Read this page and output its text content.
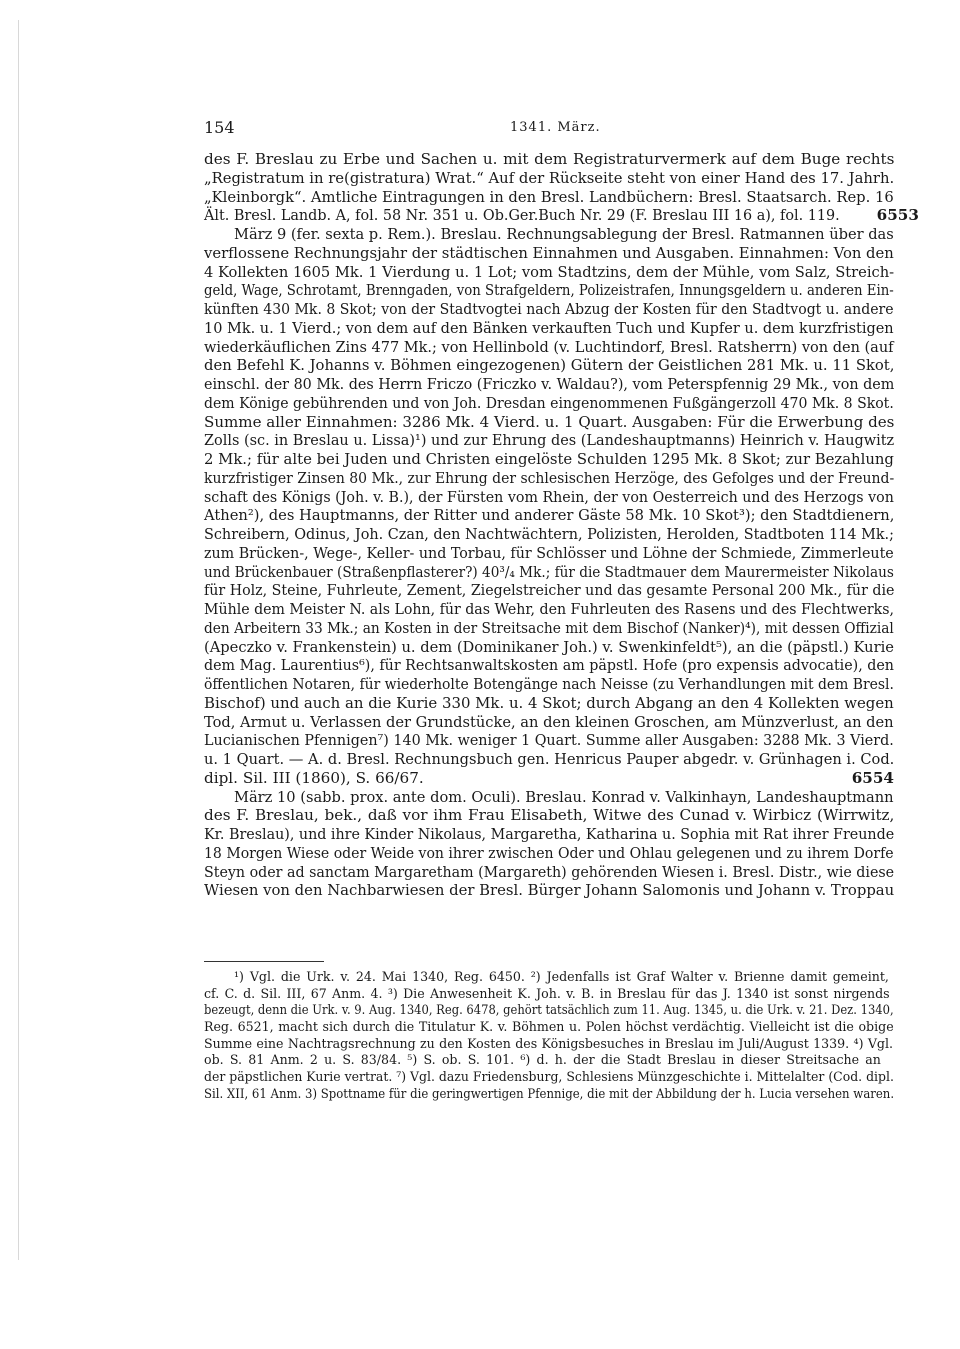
154	1341. März.
des F. Breslau zu Erbe und Sachen u. mit dem Registraturvermerk auf dem Buge rechts
„Registratum in re(gistratura) Wrat.“ Auf der Rückseite steht von einer Hand des 17. Jahrh.
„Kleinborgk“. Amtliche Eintragungen in den Bresl. Landbüchern: Bresl. Staatsarch. Rep. 16
Ält. Bresl. Landb. A, fol. 58 Nr. 351 u. Ob.Ger.Buch Nr. 29 (F. Breslau III 16 a), fol. 119. 6553
März 9 (fer. sexta p. Rem.). Breslau. Rechnungsablegung der Bresl. Ratmannen über das
verflossene Rechnungsjahr der städtischen Einnahmen und Ausgaben. Einnahmen: Von den
4 Kollekten 1605 Mk. 1 Vierdung u. 1 Lot; vom Stadtzins, dem der Mühle, vom Salz, Streich-
geld, Wage, Schrotamt, Brenngaden, von Strafgeldern, Polizeistrafen, Innungsgeldern u. anderen Ein-
künften 430 Mk. 8 Skot; von der Stadtvogtei nach Abzug der Kosten für den Stadtvogt u. andere
10 Mk. u. 1 Vierd.; von dem auf den Bänken verkauften Tuch und Kupfer u. dem kurzfristigen
wiederkäuflichen Zins 477 Mk.; von Hellinbold (v. Luchtindorf, Bresl. Ratsherrn) von den (auf
den Befehl K. Johanns v. Böhmen eingezogenen) Gütern der Geistlichen 281 Mk. u. 11 Skot,
einschl. der 80 Mk. des Herrn Friczo (Friczko v. Waldau?), vom Peterspfennig 29 Mk., von dem
dem Könige gebührenden und von Joh. Dresdan eingenommenen Fußgängerzoll 470 Mk. 8 Skot.
Summe aller Einnahmen: 3286 Mk. 4 Vierd. u. 1 Quart. Ausgaben: Für die Erwerbung des
Zolls (sc. in Breslau u. Lissa)¹) und zur Ehrung des (Landeshauptmanns) Heinrich v. Haugwitz
2 Mk.; für alte bei Juden und Christen eingelöste Schulden 1295 Mk. 8 Skot; zur Bezahlung
kurzfristiger Zinsen 80 Mk., zur Ehrung der schlesischen Herzöge, des Gefolges und der Freund-
schaft des Königs (Joh. v. B.), der Fürsten vom Rhein, der von Oesterreich und des Herzogs von
Athen²), des Hauptmanns, der Ritter und anderer Gäste 58 Mk. 10 Skot³); den Stadtdienern,
Schreibern, Odinus, Joh. Czan, den Nachtwächtern, Polizisten, Herolden, Stadtboten 114 Mk.;
zum Brücken-, Wege-, Keller- und Torbau, für Schlösser und Löhne der Schmiede, Zimmerleute
und Brückenbauer (Straßenpflasterer?) 40³/₄ Mk.; für die Stadtmauer dem Maurermeister Nikolaus
für Holz, Steine, Fuhrleute, Zement, Ziegelstreicher und das gesamte Personal 200 Mk., für die
Mühle dem Meister N. als Lohn, für das Wehr, den Fuhrleuten des Rasens und des Flechtwerks,
den Arbeitern 33 Mk.; an Kosten in der Streitsache mit dem Bischof (Nanker)⁴), mit dessen Offizial
(Apeczko v. Frankenstein) u. dem (Dominikaner Joh.) v. Swenkinfeldt⁵), an die (päpstl.) Kurie
dem Mag. Laurentius⁶), für Rechtsanwaltskosten am päpstl. Hofe (pro expensis advocatie), den
öffentlichen Notaren, für wiederholte Botengänge nach Neisse (zu Verhandlungen mit dem Bresl.
Bischof) und auch an die Kurie 330 Mk. u. 4 Skot; durch Abgang an den 4 Kollekten wegen
Tod, Armut u. Verlassen der Grundstücke, an den kleinen Groschen, am Münzverlust, an den
Lucianischen Pfennigen⁷) 140 Mk. weniger 1 Quart. Summe aller Ausgaben: 3288 Mk. 3 Vierd.
u. 1 Quart. — A. d. Bresl. Rechnungsbuch gen. Henricus Pauper abgedr. v. Grünhagen i. Cod.
dipl. Sil. III (1860), S. 66/67.	6554
März 10 (sabb. prox. ante dom. Oculi). Breslau. Konrad v. Valkinhayn, Landeshauptmann
des F. Breslau, bek., daß vor ihm Frau Elisabeth, Witwe des Cunad v. Wirbicz (Wirrwitz,
Kr. Breslau), und ihre Kinder Nikolaus, Margaretha, Katharina u. Sophia mit Rat ihrer Freunde
18 Morgen Wiese oder Weide von ihrer zwischen Oder und Ohlau gelegenen und zu ihrem Dorfe
Steyn oder ad sanctam Margaretham (Margareth) gehörenden Wiesen i. Bresl. Distr., wie diese
Wiesen von den Nachbarwiesen der Bresl. Bürger Johann Salomonis und Johann v. Troppau
¹) Vgl. die Urk. v. 24. Mai 1340, Reg. 6450. ²) Jedenfalls ist Graf Walter v. Brienne damit gemeint,
cf. C. d. Sil. III, 67 Anm. 4. ³) Die Anwesenheit K. Joh. v. B. in Breslau für das J. 1340 ist sonst nirgends
bezeugt, denn die Urk. v. 9. Aug. 1340, Reg. 6478, gehört tatsächlich zum 11. Aug. 1345, u. die Urk. v. 21. Dez. 1340,
Reg. 6521, macht sich durch die Titulatur K. v. Böhmen u. Polen höchst verdächtig. Vielleicht ist die obige
Summe eine Nachtragsrechnung zu den Kosten des Königsbesuches in Breslau im Juli/August 1339. ⁴) Vgl.
ob. S. 81 Anm. 2 u. S. 83/84. ⁵) S. ob. S. 101. ⁶) d. h. der die Stadt Breslau in dieser Streitsache an
der päpstlichen Kurie vertrat. ⁷) Vgl. dazu Friedensburg, Schlesiens Münzgeschichte i. Mittelalter (Cod. dipl.
Sil. XII, 61 Anm. 3) Spottname für die geringwertigen Pfennige, die mit der Abbildung der h. Lucia versehen waren.
